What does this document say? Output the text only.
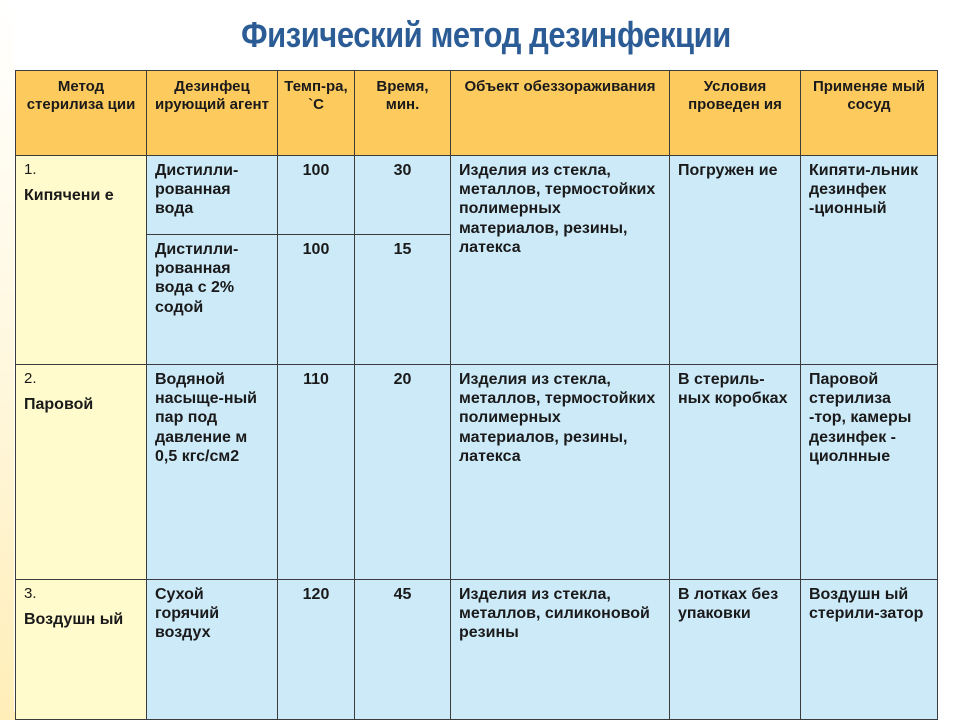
Физический метод дезинфекции
Метод стерилиза ции	Дезинфец ирующий агент	Темп-ра, `С	Время, мин.	Объект обеззораживания	Условия проведен ия	Применяе мый сосуд

1.
Кипячени е	Дистилли-рованная вода	100	30	Изделия из стекла, металлов, термостойких полимерных материалов, резины, латекса	Погружен ие	Кипяти-льник дезинфек -ционный
	Дистилли-рованная вода с 2% содой	100	15			

2.
Паровой	Водяной насыще-ный пар под давление м 0,5 кгс/см2	110	20	Изделия из стекла, металлов, термостойких полимерных материалов, резины, латекса	В стериль-ных коробках	Паровой стерилиза -тор, камеры дезинфек - циолнные

3.
Воздушн ый	Сухой горячий воздух	120	45	Изделия из стекла, металлов, силиконовой резины	В лотках без упаковки	Воздушн ый стерили-затор
